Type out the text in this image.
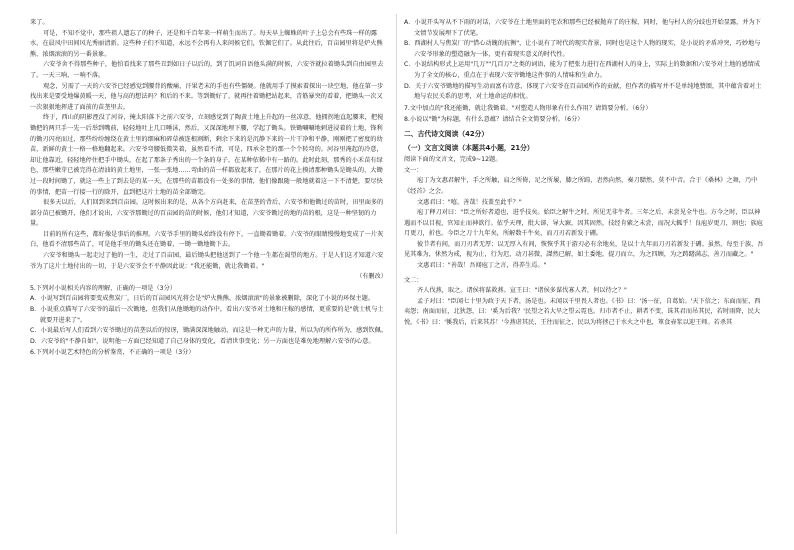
来了。

可是，不知不觉中，那些祖人遗忘了的种子，还是和千百年来一样萌生而出了。每天早上蜘蛛的叶子上总会有些珠一样的露水，在晨风中田间风光秀丽清新。这些种子们不知道，永远不会再有人来问候它们，钦佩它们了。从此往后，百亩园里将是炉火熊熊、浓烟滚滚的另一番景象。

六安爷舍不得那些种子，他怕看找来了那些丑到如日子以后的，到了饥词自语他头满的时候，六安爷就拉着锄头到自由园里去了。一天三响，一响不落。

观念，另需了一天的六安爷已经感觉到腰背的酸痛，汗果老末的手也有些僵硬。他就用手了摸索着探出一块空地，他在第一步找出来是要受地爆黄暖一天，他与高的想法吗？和后的不来。等到锄好了，就再往着锄把站起来，青筋暴突的看着，把锄头一次又一次狠狠地挥进了面前的苗垄里去。

终于，西山的阴影湮没了河谷，掩太阳落下之前六安爷，立刻感觉到了陶黄土地上升起的一丝凉意，他拥拐地直起腰来，把搅锄把的两只手一先一后举到嘴前，轻轻地吐上几口唾沫，然后，又深深地埋下腰，学起了锄头。铁锄唰唰地刺进浸着的土地，锋利的锄刃闪亮而过，那些纷纷缠绕在黄土里的细麻和碎草被连根割断，剩余下来的是沉静下来的一片干净和平静，刚刚把了密度的幼苗，新鲜的黄土一格一格地翻起来。六安爷弯腰低微笑着，虽然看不清，可是，四承全老的那一个个转弯的。河谷里淹起的冷意，却让他靠近，轻轻地停住把手中锄头，在起了那条子秀出的一个条的身子，在某种依稀中有一路的。此时此刻，那秀的小禾苗有绿色，那些嫩芽已被完得在清油的黄土地里，一张一张地……弯曲的苗一样都放起来了，在那片的花上摸清那种锄头是锄头的，大锄过一段时间锄了，就这一些上了到去是的某一天，在那些的苗都没有一处多的事情，他们像跟随一般地就着这一下不清楚，要尽快的事情，把苗一行接一行的除开，直到把这片土地的苗全部锄完。

很多天以后，人们回到来到百亩园。这时候出来的是，从各个方向赶来，在苗垄的背后，六安爷和他锄过的苗时，田里面多的部分苗已被锄开，他们才说出，六安爷那锄过的百亩园的苗的时候，他们才知道，六安爷锄过的地的苗的根，这是一种坚韧的力量。

目前的所有这些，都好像是事后的推理。六安爷手里的锄头始终没有停下，一直锄着锄着。六安爷的眼睛慢慢地变成了一片灰白，他看不清那些苗了，可是他手里的锄头还在锄着，一锄一锄地锄下去。

六安爷和锄头一起走过了他的一生，走过了百亩园，最后锄头把他送到了一个他一生都在渴望的地方。于是人们这才知道六安爷为了这片土地付出的一切，于是六安爷会不平静因此说："我还能锄，就让我锄着。"

（有删改）

5.下列对小说相关内容的理解，正确的一项是（3分）

A．小说写到百亩园将要变成焦炭厂，日后的百亩园风光将会是"炉火熊熊、浓烟滚滚"的景象被删除，深化了小说的环保主题。

B．小说重点描写了六安爷的最后一次锄地，但我们从他锄地的动作中，看出六安爷对土地和庄稼的感情，更重要的是"就士机与土就要开进来了"。

C．小说最后写人们看到六安爷锄过的苗垄以后的惊讶，锄满深深地触动，而这是一种无声的力量，所以为的所作所为，感到钦佩。

D．六安爷的"不静自如"，说明他一方面已经知道了自己身体的变化，看清世事变化；另一方面也是难免地理解六安爷的心意。

6.下列对小说艺术特色的分析鉴赏，不正确的一项是（3分）

A．小说开头写从不下雨的对话，六安爷在土地里面的宅农和那些已经被抛弃了的庄稼，同时，他与村人的分歧也开始显露，并为下文情节发展埋下了伏笔。

B．西湖村人与焦炭厂的"惜心动魄的抗衡"，让小说有了时代的现实背景，同时也是这个人物的现实，是小说的矛盾冲突，巧妙地与六安爷形象的塑造融为一体，更有着现实意义的时代性。

C．小说结构形式上运用"几万""几百万"之类的词语，能为了把张力进行在西湖村人的身上，实际上的数据和六安爷对土地的感情成为了全文的核心，重点在于表现六安爷锄地这件事的人情味和生命力。

D．关于六安爷锄地的描写生动而富有诗意，体现了六安爷在百亩园所作的贡献，但作者的描写并不是单纯地赞颂，其中蕴含着对土地与农民关系的思考，对土地命运的担忧。

7.文中加点的"我还能锄，就让我锄着。"对塑造人物形象有什么作用？请简要分析。（6分）

8.小说以"锄"为标题，有什么意蕴？请结合全文简要分析。（6分）

二、古代诗文阅读（42分）

（一）文言文阅读（本题共4小题，21分）

阅读下面的文言文，完成9~12题。

文一：

庖丁为文惠君解牛，手之所触，肩之所倚，足之所履，膝之所踦，砉然向然，奏刀騞然，莫不中音。合于《桑林》之舞，乃中《经首》之会。

文惠君曰："嘻，善哉！技盖至此乎？"

庖丁释刀对曰："臣之所好者道也，进乎技矣。始臣之解牛之时，所见无非牛者。三年之后，未尝见全牛也。方今之时，臣以神遇而不以目视，官知止而神欲行。依乎天理，批大郤，导大窾，因其固然，技经肯綮之未尝，而况大軱乎！良庖岁更刀，割也；族庖月更刀，折也。今臣之刀十九年矣，所解数千牛矣，而刀刃若新发于硎。

彼节者有间，而刀刃者无厚；以无厚入有间，恢恢乎其于游刃必有余地矣，是以十九年而刀刃若新发于硎。虽然，每至于族，吾见其难为，怵然为戒，视为止，行为迟，动刀甚微，謋然已解，如土委地。提刀而立，为之四顾，为之踌躇满志，善刀而藏之。"

文惠君曰："善哉！吾闻庖丁之言，得养生焉。"

文二：

齐人伐燕，取之。诸侯将谋救燕。宣王曰："诸侯多谋伐寡人者，何以待之？"

孟子对曰："臣闻七十里为政于天下者，汤是也。未闻以千里畏人者也。《书》曰：'汤一征，自葛始。'天下信之；东面而征，西夷怨；南面而征，北狄怨，曰：'奚为后我？'民望之若大旱之望云霓也。归市者不止，耕者不变，诛其君而吊其民，若时雨降，民大悦。《书》曰：'徯我后，后来其苏！'今燕虐其民，王往而征之，民以为将拯己于水火之中也，箪食壶浆以迎王师。若杀其
